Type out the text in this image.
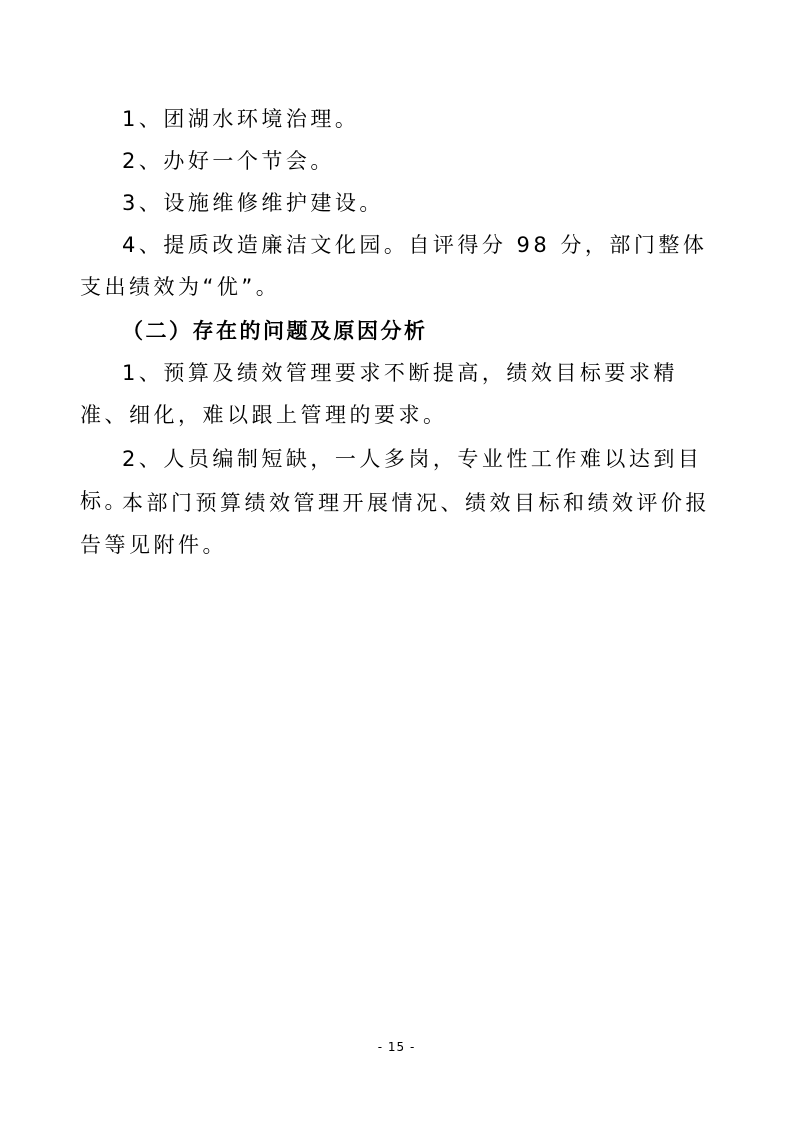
1、团湖水环境治理。

2、办好一个节会。

3、设施维修维护建设。

4、提质改造廉洁文化园。自评得分 98 分，部门整体支出绩效为“优”。

（二）存在的问题及原因分析

1、预算及绩效管理要求不断提高，绩效目标要求精准、细化，难以跟上管理的要求。

2、人员编制短缺，一人多岗，专业性工作难以达到目标。

本部门预算绩效管理开展情况、绩效目标和绩效评价报告等见附件。

- 15 -
